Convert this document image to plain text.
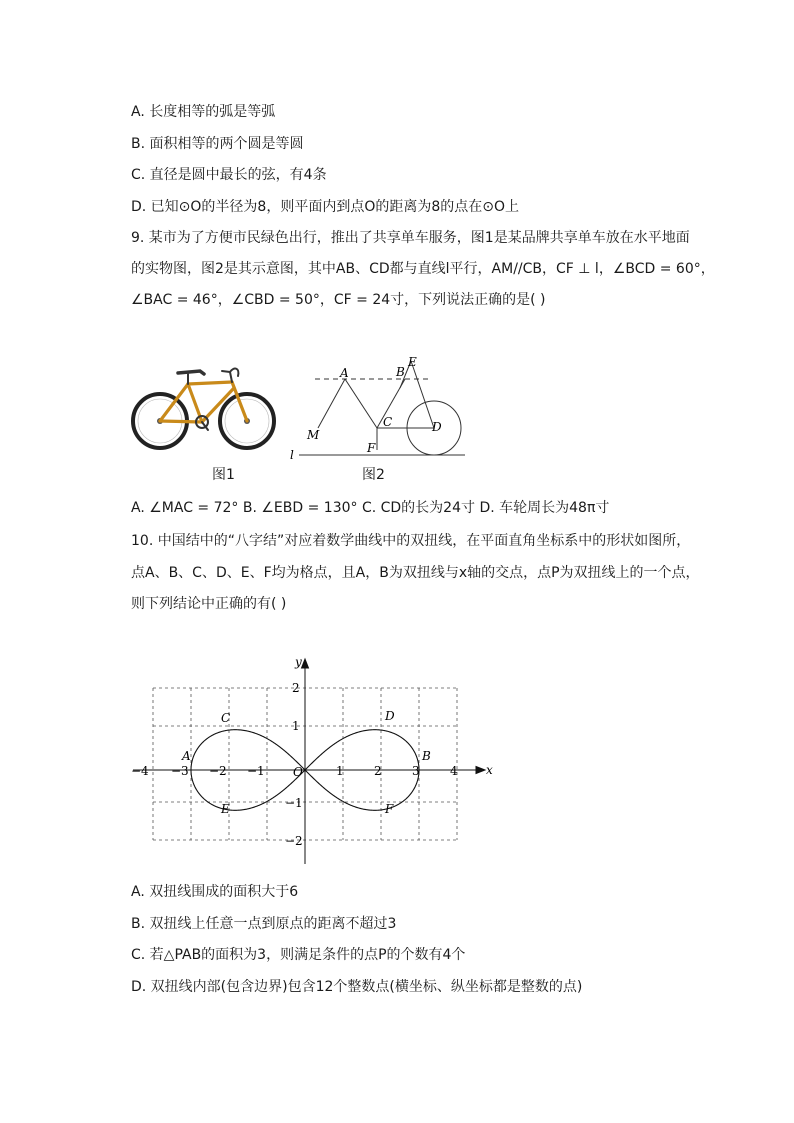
A. 长度相等的弧是等弧
B. 面积相等的两个圆是等圆
C. 直径是圆中最长的弦，有4条
D. 已知⊙O的半径为8，则平面内到点O的距离为8的点在⊙O上
9. 某市为了方便市民绿色出行，推出了共享单车服务，图1是某品牌共享单车放在水平地面
的实物图，图2是其示意图，其中AB、CD都与直线l平行，AM//CB，CF ⊥ l，∠BCD = 60°，
∠BAC = 46°，∠CBD = 50°，CF = 24寸，下列说法正确的是( )
图1
A	B
E
C	D
M
F
l
图2
A. ∠MAC = 72° B. ∠EBD = 130° C. CD的长为24寸 D. 车轮周长为48π寸
10. 中国结中的“八字结”对应着数学曲线中的双扭线，在平面直角坐标系中的形状如图所，
点A、B、C、D、E、F均为格点，且A，B为双扭线与x轴的交点，点P为双扭线上的一个点，
则下列结论中正确的有( )
x
y
O
−4 −3 −2 −1	1	2	3	4
2
1
−1
−2
A	B
C	D
E	F
A. 双扭线围成的面积大于6
B. 双扭线上任意一点到原点的距离不超过3
C. 若△PAB的面积为3，则满足条件的点P的个数有4个
D. 双扭线内部(包含边界)包含12个整数点(横坐标、纵坐标都是整数的点)
